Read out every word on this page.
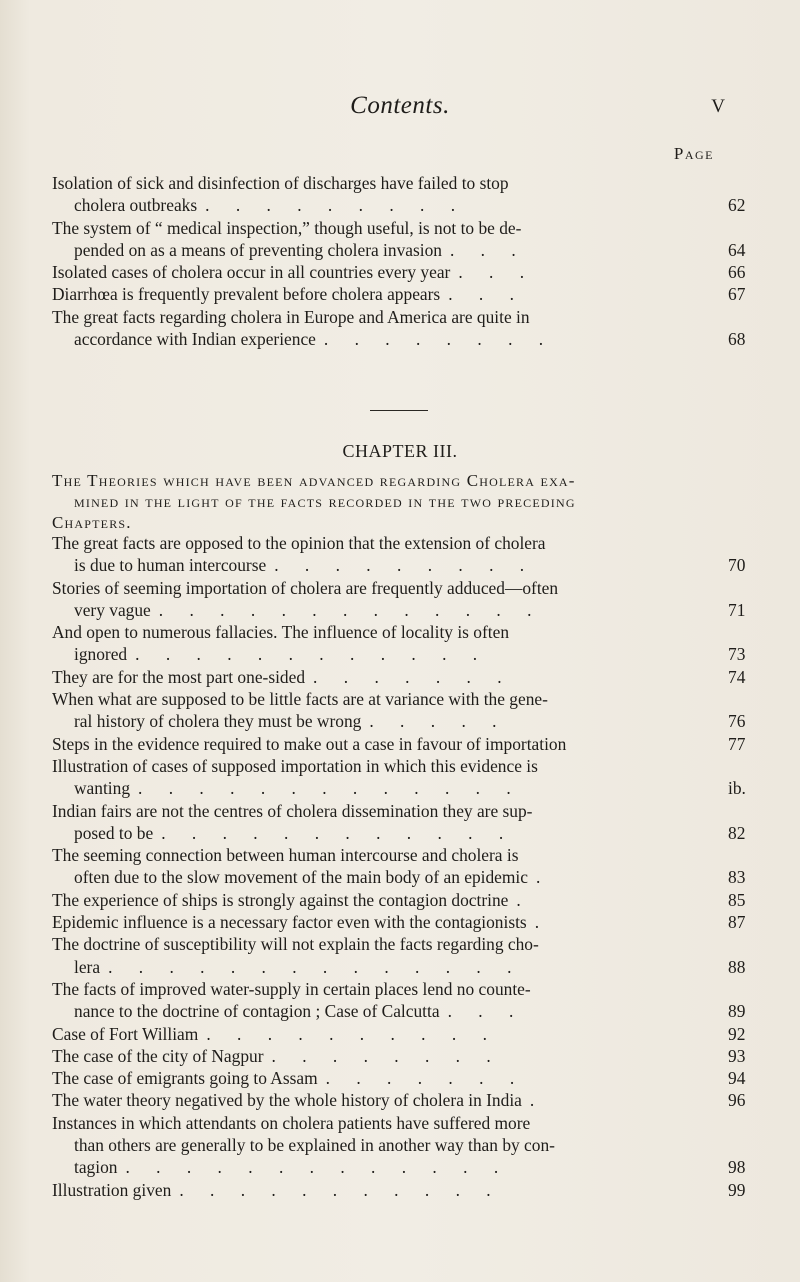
Contents.	V
Page
Isolation of sick and disinfection of discharges have failed to stop
cholera outbreaks . . . . . . . . .	62
The system of “ medical inspection,” though useful, is not to be de-
pended on as a means of preventing cholera invasion . . .	64
Isolated cases of cholera occur in all countries every year . . .	66
Diarrhœa is frequently prevalent before cholera appears . . .	67
The great facts regarding cholera in Europe and America are quite in
accordance with Indian experience . . . . . . . .	68
CHAPTER III.
The Theories which have been advanced regarding Cholera exa-
mined in the light of the facts recorded in the two preceding
Chapters.
The great facts are opposed to the opinion that the extension of cholera
is due to human intercourse . . . . . . . . .	70
Stories of seeming importation of cholera are frequently adduced—often
very vague . . . . . . . . . . . . .	71
And open to numerous fallacies. The influence of locality is often
ignored . . . . . . . . . . . .	73
They are for the most part one-sided . . . . . . .	74
When what are supposed to be little facts are at variance with the gene-
ral history of cholera they must be wrong . . . . .	76
Steps in the evidence required to make out a case in favour of importation	77
Illustration of cases of supposed importation in which this evidence is
wanting . . . . . . . . . . . . .	ib.
Indian fairs are not the centres of cholera dissemination they are sup-
posed to be . . . . . . . . . . . .	82
The seeming connection between human intercourse and cholera is
often due to the slow movement of the main body of an epidemic .	83
The experience of ships is strongly against the contagion doctrine .	85
Epidemic influence is a necessary factor even with the contagionists .	87
The doctrine of susceptibility will not explain the facts regarding cho-
lera . . . . . . . . . . . . . .	88
The facts of improved water-supply in certain places lend no counte-
nance to the doctrine of contagion ; Case of Calcutta . . .	89
Case of Fort William . . . . . . . . . .	92
The case of the city of Nagpur . . . . . . . .	93
The case of emigrants going to Assam . . . . . . .	94
The water theory negatived by the whole history of cholera in India .	96
Instances in which attendants on cholera patients have suffered more
than others are generally to be explained in another way than by con-
tagion . . . . . . . . . . . . .	98
Illustration given . . . . . . . . . . .	99
